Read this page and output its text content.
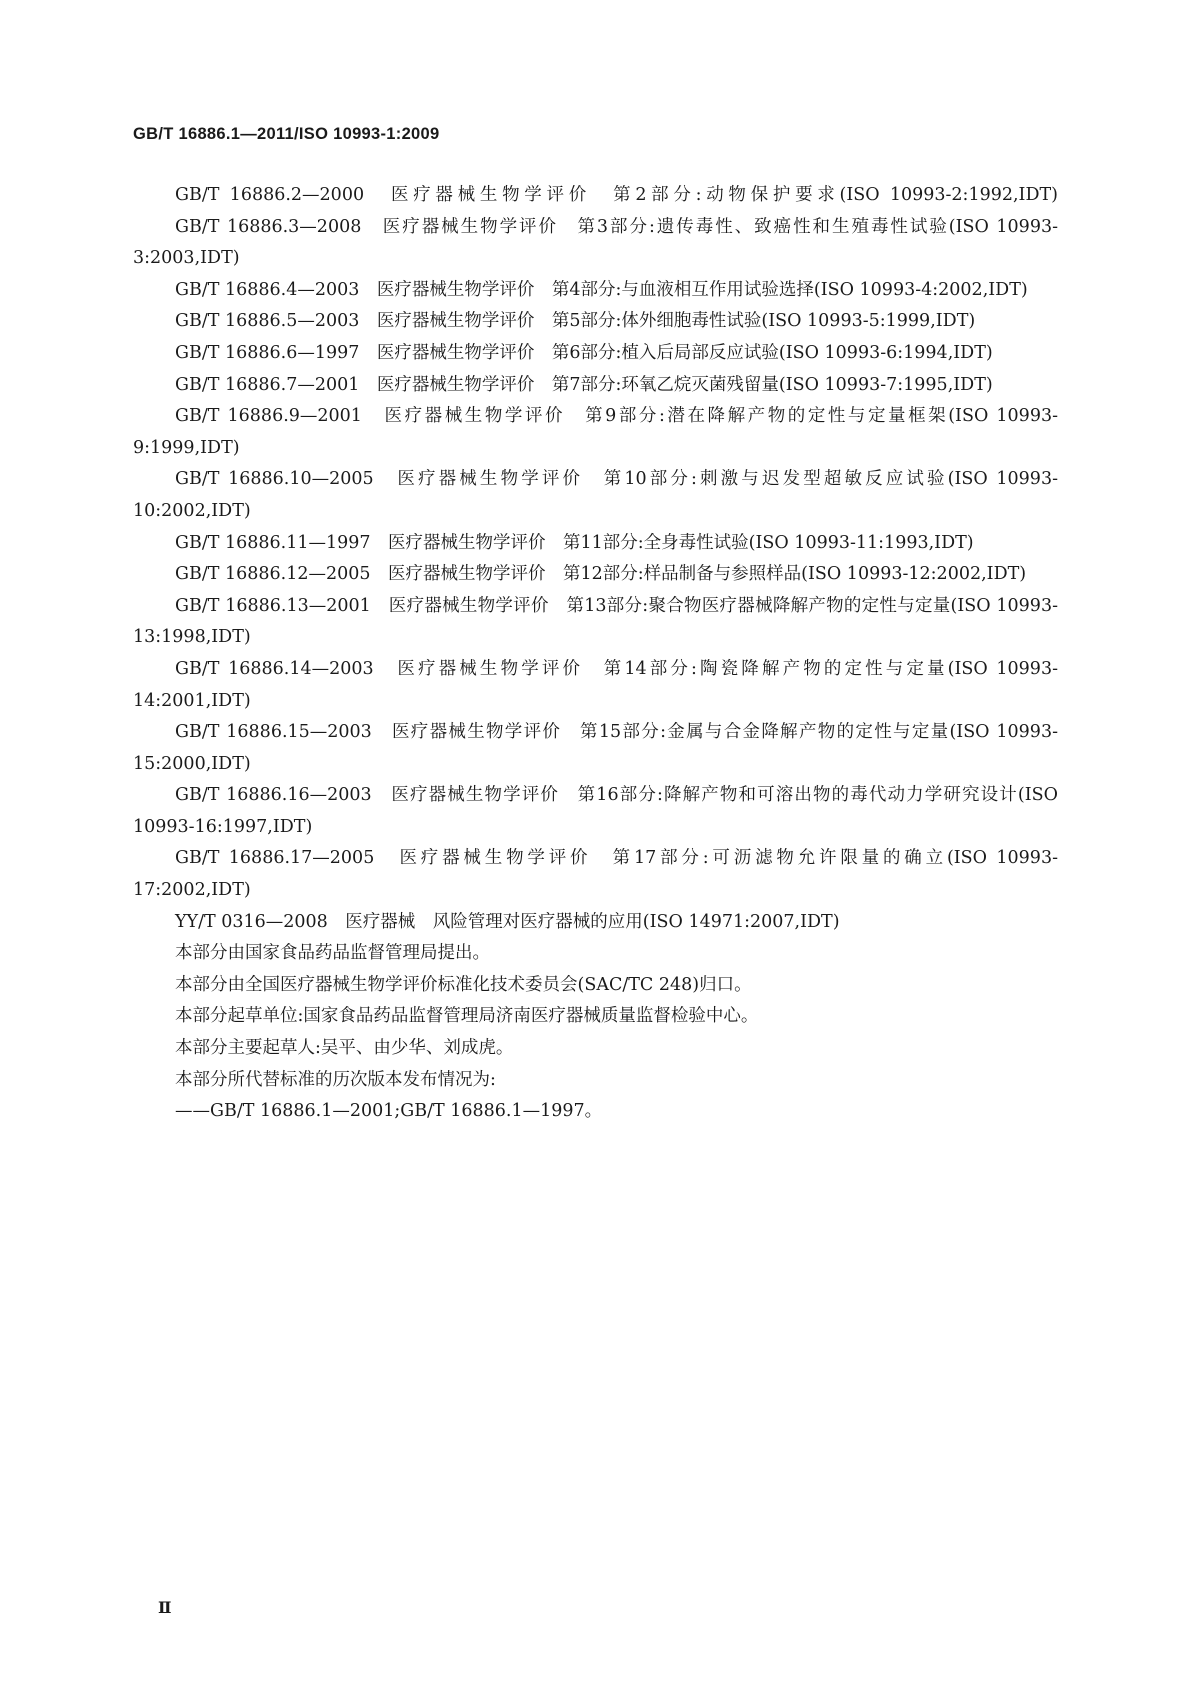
GB/T 16886.1—2011/ISO 10993-1:2009

GB/T 16886.2—2000　医疗器械生物学评价　第2部分:动物保护要求(ISO 10993-2:1992,IDT)

GB/T 16886.3—2008　医疗器械生物学评价　第3部分:遗传毒性、致癌性和生殖毒性试验(ISO 10993-3:2003,IDT)

GB/T 16886.4—2003　医疗器械生物学评价　第4部分:与血液相互作用试验选择(ISO 10993-4:2002,IDT)

GB/T 16886.5—2003　医疗器械生物学评价　第5部分:体外细胞毒性试验(ISO 10993-5:1999,IDT)

GB/T 16886.6—1997　医疗器械生物学评价　第6部分:植入后局部反应试验(ISO 10993-6:1994,IDT)

GB/T 16886.7—2001　医疗器械生物学评价　第7部分:环氧乙烷灭菌残留量(ISO 10993-7:1995,IDT)

GB/T 16886.9—2001　医疗器械生物学评价　第9部分:潜在降解产物的定性与定量框架(ISO 10993-9:1999,IDT)

GB/T 16886.10—2005　医疗器械生物学评价　第10部分:刺激与迟发型超敏反应试验(ISO 10993-10:2002,IDT)

GB/T 16886.11—1997　医疗器械生物学评价　第11部分:全身毒性试验(ISO 10993-11:1993,IDT)

GB/T 16886.12—2005　医疗器械生物学评价　第12部分:样品制备与参照样品(ISO 10993-12:2002,IDT)

GB/T 16886.13—2001　医疗器械生物学评价　第13部分:聚合物医疗器械降解产物的定性与定量(ISO 10993-13:1998,IDT)

GB/T 16886.14—2003　医疗器械生物学评价　第14部分:陶瓷降解产物的定性与定量(ISO 10993-14:2001,IDT)

GB/T 16886.15—2003　医疗器械生物学评价　第15部分:金属与合金降解产物的定性与定量(ISO 10993-15:2000,IDT)

GB/T 16886.16—2003　医疗器械生物学评价　第16部分:降解产物和可溶出物的毒代动力学研究设计(ISO 10993-16:1997,IDT)

GB/T 16886.17—2005　医疗器械生物学评价　第17部分:可沥滤物允许限量的确立(ISO 10993-17:2002,IDT)

YY/T 0316—2008　医疗器械　风险管理对医疗器械的应用(ISO 14971:2007,IDT)

本部分由国家食品药品监督管理局提出。

本部分由全国医疗器械生物学评价标准化技术委员会(SAC/TC 248)归口。

本部分起草单位:国家食品药品监督管理局济南医疗器械质量监督检验中心。

本部分主要起草人:吴平、由少华、刘成虎。

本部分所代替标准的历次版本发布情况为:

——GB/T 16886.1—2001;GB/T 16886.1—1997。

Ⅱ
